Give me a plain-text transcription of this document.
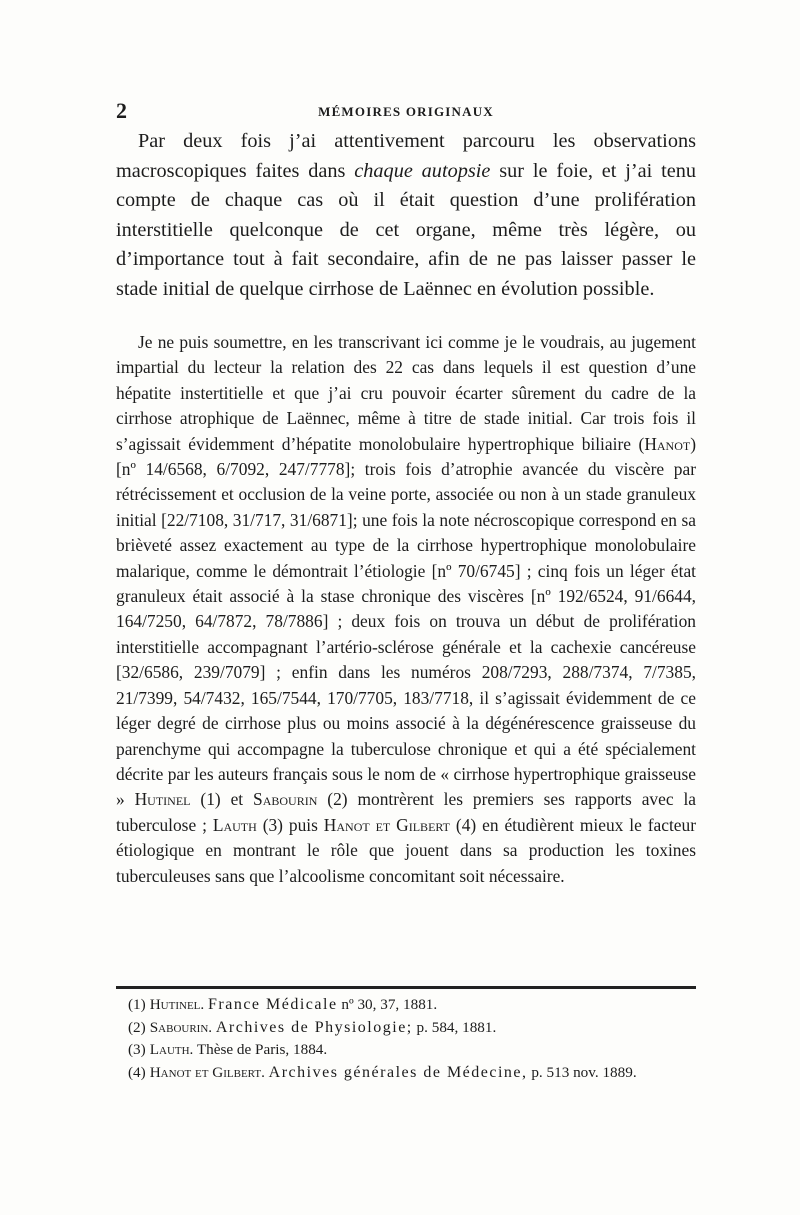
2	MÉMOIRES ORIGINAUX

Par deux fois j’ai attentivement parcouru les observations macroscopiques faites dans chaque autopsie sur le foie, et j’ai tenu compte de chaque cas où il était question d’une prolifération interstitielle quelconque de cet organe, même très légère, ou d’importance tout à fait secondaire, afin de ne pas laisser passer le stade initial de quelque cirrhose de Laënnec en évolution possible.

Je ne puis soumettre, en les transcrivant ici comme je le voudrais, au jugement impartial du lecteur la relation des 22 cas dans lequels il est question d’une hépatite instertitielle et que j’ai cru pouvoir écarter sûrement du cadre de la cirrhose atrophique de Laënnec, même à titre de stade initial. Car trois fois il s’agissait évidemment d’hépatite monolobulaire hypertrophique biliaire (Hanot) [nº 14/6568, 6/7092, 247/7778]; trois fois d’atrophie avancée du viscère par rétrécissement et occlusion de la veine porte, associée ou non à un stade granuleux initial [22/7108, 31/717, 31/6871]; une fois la note nécroscopique correspond en sa brièveté assez exactement au type de la cirrhose hypertrophique monolobulaire malarique, comme le démontrait l’étiologie [nº 70/6745] ; cinq fois un léger état granuleux était associé à la stase chronique des viscères [nº 192/6524, 91/6644, 164/7250, 64/7872, 78/7886] ; deux fois on trouva un début de prolifération interstitielle accompagnant l’artério-sclérose générale et la cachexie cancéreuse [32/6586, 239/7079] ; enfin dans les numéros 208/7293, 288/7374, 7/7385, 21/7399, 54/7432, 165/7544, 170/7705, 183/7718, il s’agissait évidemment de ce léger degré de cirrhose plus ou moins associé à la dégénérescence graisseuse du parenchyme qui accompagne la tuberculose chronique et qui a été spécialement décrite par les auteurs français sous le nom de « cirrhose hypertrophique graisseuse » Hutinel (1) et Sabourin (2) montrèrent les premiers ses rapports avec la tuberculose ; Lauth (3) puis Hanot et Gilbert (4) en étudièrent mieux le facteur étiologique en montrant le rôle que jouent dans sa production les toxines tuberculeuses sans que l’alcoolisme concomitant soit nécessaire.

(1) Hutinel. France Médicale nº 30, 37, 1881.
(2) Sabourin. Archives de Physiologie; p. 584, 1881.
(3) Lauth. Thèse de Paris, 1884.
(4) Hanot et Gilbert. Archives générales de Médecine, p. 513 nov. 1889.
